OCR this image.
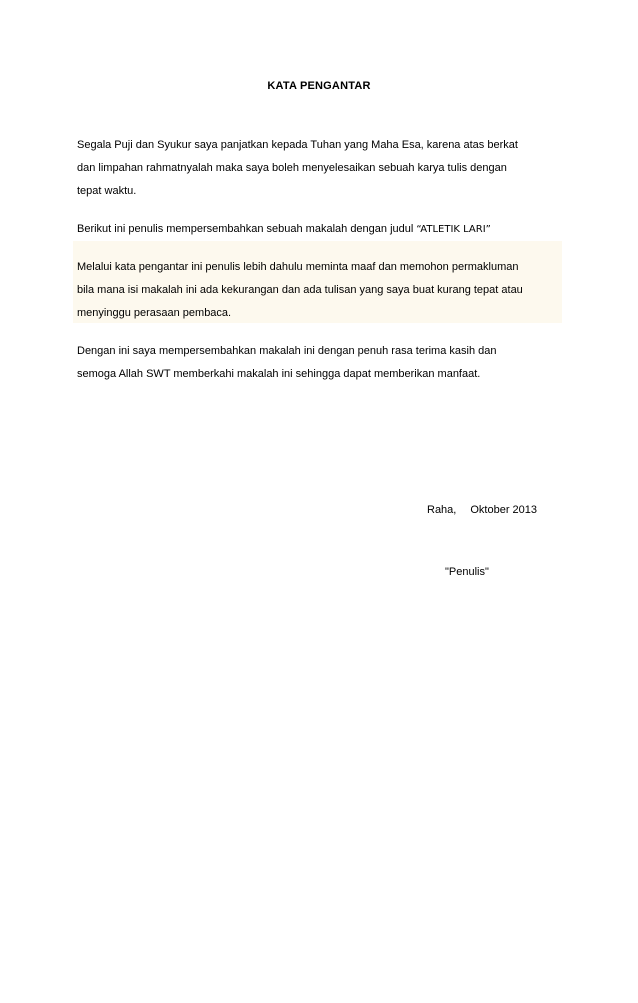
KATA PENGANTAR
Segala Puji dan Syukur saya panjatkan kepada Tuhan yang Maha Esa, karena atas berkat
dan limpahan rahmatnyalah maka saya boleh menyelesaikan sebuah karya tulis dengan
tepat waktu.
Berikut ini penulis mempersembahkan sebuah makalah dengan judul “ATLETIK LARI”
Melalui kata pengantar ini penulis lebih dahulu meminta maaf dan memohon permakluman
bila mana isi makalah ini ada kekurangan dan ada tulisan yang saya buat kurang tepat atau
menyinggu perasaan pembaca.
Dengan ini saya mempersembahkan makalah ini dengan penuh rasa terima kasih dan
semoga Allah SWT memberkahi makalah ini sehingga dapat memberikan manfaat.
Raha, Oktober 2013
"Penulis"
